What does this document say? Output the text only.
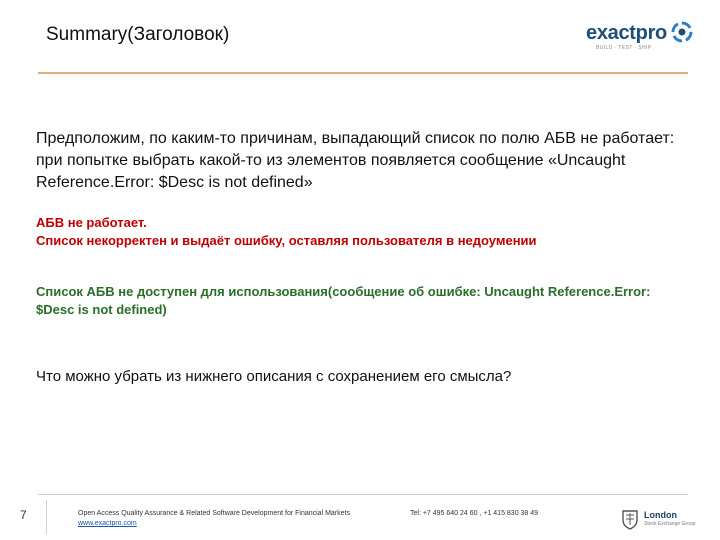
Summary(Заголовок)	exactpro
BUILD · TEST · SHIP
Предположим, по каким-то причинам, выпадающий список по полю АБВ не работает: при попытке выбрать какой-то из элементов появляется сообщение «Uncaught Reference.Error: $Desc is not defined»
АБВ не работает.
Список некорректен и выдаёт ошибку, оставляя пользователя в недоумении
Список АБВ не доступен для использования(сообщение об ошибке: Uncaught Reference.Error: $Desc is not defined)
Что можно убрать из нижнего описания с сохранением его смысла?
7	Open Access Quality Assurance & Related Software Development for Financial Markets
www.exactpro.com
Tel: +7 495 640 24 60 , +1 415 830 38 49	London
Stock Exchange Group
